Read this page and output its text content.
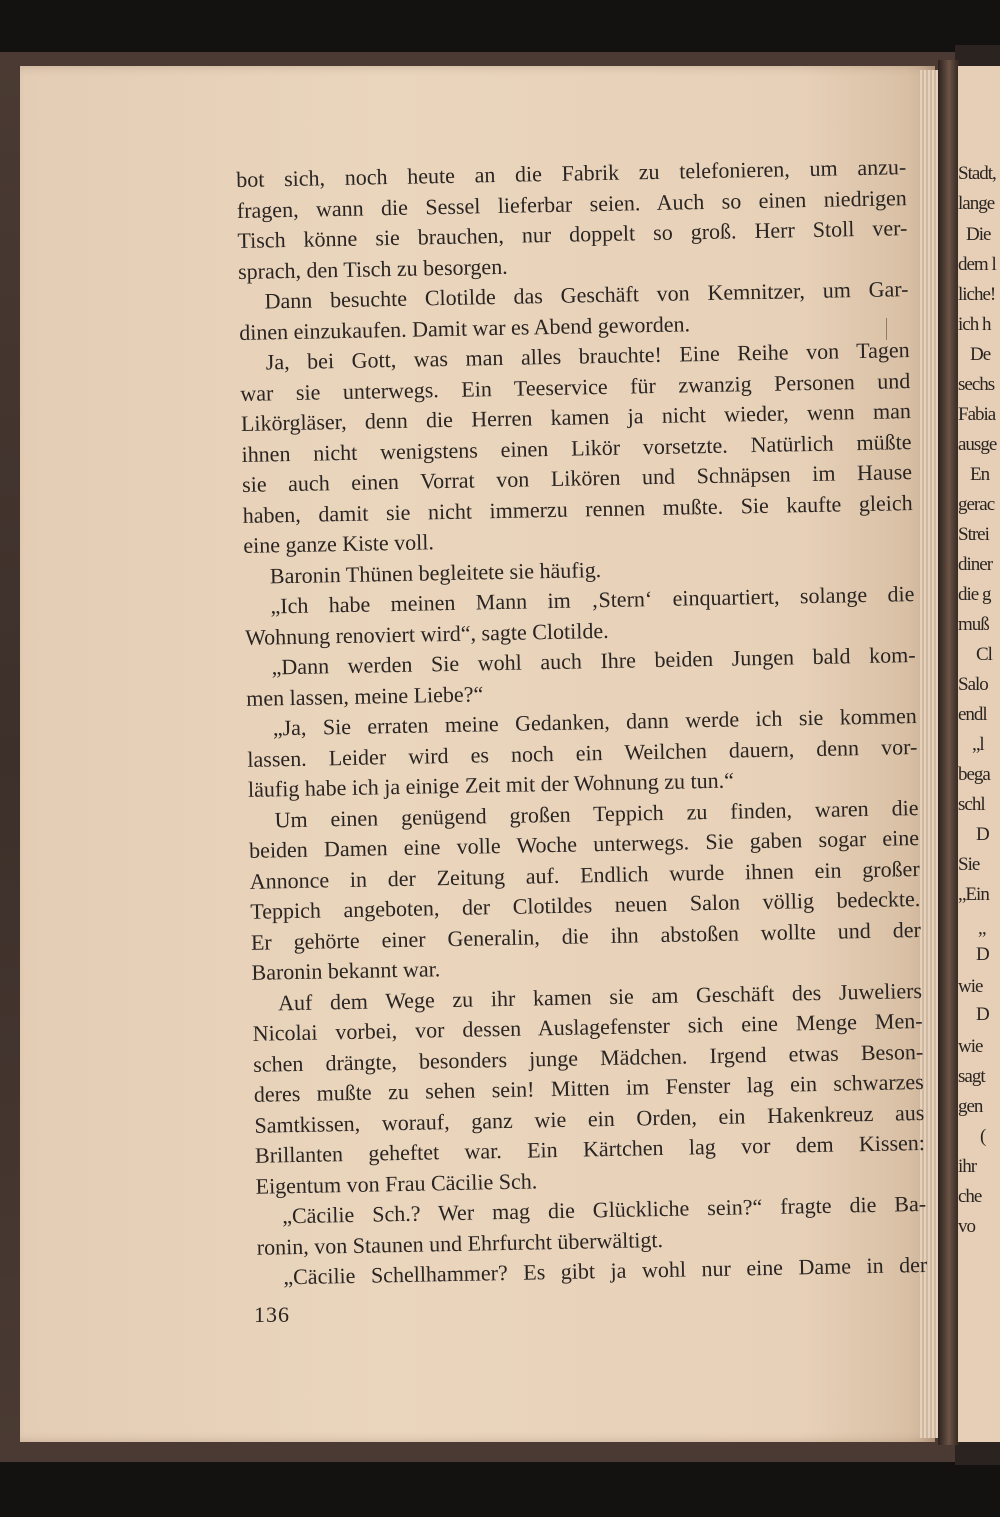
Stadt,
lange
Die
dem l
liche!
ich h
De
sechs
Fabia
ausge
En
gerac
Strei
diner
die g
muß
Cl
Salo
endl
„l
bega
schl
D
Sie
„Ein
„
D
wie
D
wie
sagt
gen
(
ihr
che
vo
bot sich, noch heute an die Fabrik zu telefonieren, um anzu-
fragen, wann die Sessel lieferbar seien. Auch so einen niedrigen
Tisch könne sie brauchen, nur doppelt so groß. Herr Stoll ver-
sprach, den Tisch zu besorgen.
Dann besuchte Clotilde das Geschäft von Kemnitzer, um Gar-
dinen einzukaufen. Damit war es Abend geworden.
Ja, bei Gott, was man alles brauchte! Eine Reihe von Tagen
war sie unterwegs. Ein Teeservice für zwanzig Personen und
Likörgläser, denn die Herren kamen ja nicht wieder, wenn man
ihnen nicht wenigstens einen Likör vorsetzte. Natürlich müßte
sie auch einen Vorrat von Likören und Schnäpsen im Hause
haben, damit sie nicht immerzu rennen mußte. Sie kaufte gleich
eine ganze Kiste voll.
Baronin Thünen begleitete sie häufig.
„Ich habe meinen Mann im ‚Stern‘ einquartiert, solange die
Wohnung renoviert wird“, sagte Clotilde.
„Dann werden Sie wohl auch Ihre beiden Jungen bald kom-
men lassen, meine Liebe?“
„Ja, Sie erraten meine Gedanken, dann werde ich sie kommen
lassen. Leider wird es noch ein Weilchen dauern, denn vor-
läufig habe ich ja einige Zeit mit der Wohnung zu tun.“
Um einen genügend großen Teppich zu finden, waren die
beiden Damen eine volle Woche unterwegs. Sie gaben sogar eine
Annonce in der Zeitung auf. Endlich wurde ihnen ein großer
Teppich angeboten, der Clotildes neuen Salon völlig bedeckte.
Er gehörte einer Generalin, die ihn abstoßen wollte und der
Baronin bekannt war.
Auf dem Wege zu ihr kamen sie am Geschäft des Juweliers
Nicolai vorbei, vor dessen Auslagefenster sich eine Menge Men-
schen drängte, besonders junge Mädchen. Irgend etwas Beson-
deres mußte zu sehen sein! Mitten im Fenster lag ein schwarzes
Samtkissen, worauf, ganz wie ein Orden, ein Hakenkreuz aus
Brillanten geheftet war. Ein Kärtchen lag vor dem Kissen:
Eigentum von Frau Cäcilie Sch.
„Cäcilie Sch.? Wer mag die Glückliche sein?“ fragte die Ba-
ronin, von Staunen und Ehrfurcht überwältigt.
„Cäcilie Schellhammer? Es gibt ja wohl nur eine Dame in der
136
